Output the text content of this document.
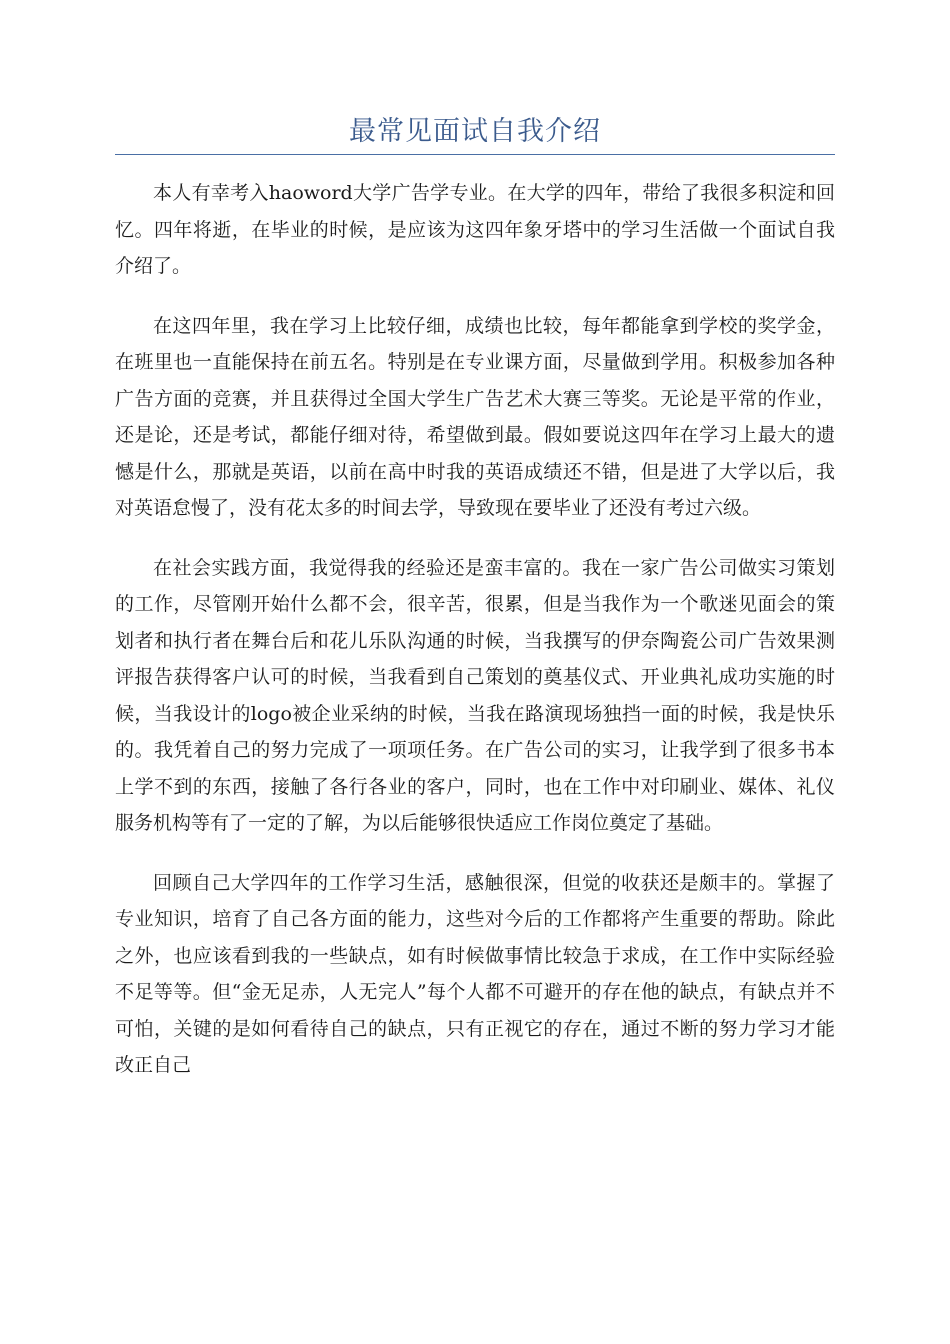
最常见面试自我介绍

本人有幸考入haoword大学广告学专业。在大学的四年，带给了我很多积淀和回忆。四年将逝，在毕业的时候，是应该为这四年象牙塔中的学习生活做一个面试自我介绍了。

在这四年里，我在学习上比较仔细，成绩也比较，每年都能拿到学校的奖学金，在班里也一直能保持在前五名。特别是在专业课方面，尽量做到学用。积极参加各种广告方面的竞赛，并且获得过全国大学生广告艺术大赛三等奖。无论是平常的作业，还是论，还是考试，都能仔细对待，希望做到最。假如要说这四年在学习上最大的遗憾是什么，那就是英语，以前在高中时我的英语成绩还不错，但是进了大学以后，我对英语怠慢了，没有花太多的时间去学，导致现在要毕业了还没有考过六级。

在社会实践方面，我觉得我的经验还是蛮丰富的。我在一家广告公司做实习策划的工作，尽管刚开始什么都不会，很辛苦，很累，但是当我作为一个歌迷见面会的策划者和执行者在舞台后和花儿乐队沟通的时候，当我撰写的伊奈陶瓷公司广告效果测评报告获得客户认可的时候，当我看到自己策划的奠基仪式、开业典礼成功实施的时候，当我设计的logo被企业采纳的时候，当我在路演现场独挡一面的时候，我是快乐的。我凭着自己的努力完成了一项项任务。在广告公司的实习，让我学到了很多书本上学不到的东西，接触了各行各业的客户，同时，也在工作中对印刷业、媒体、礼仪服务机构等有了一定的了解，为以后能够很快适应工作岗位奠定了基础。

回顾自己大学四年的工作学习生活，感触很深，但觉的收获还是颇丰的。掌握了专业知识，培育了自己各方面的能力，这些对今后的工作都将产生重要的帮助。除此之外，也应该看到我的一些缺点，如有时候做事情比较急于求成，在工作中实际经验不足等等。但“金无足赤，人无完人”每个人都不可避开的存在他的缺点，有缺点并不可怕，关键的是如何看待自己的缺点，只有正视它的存在，通过不断的努力学习才能改正自己
